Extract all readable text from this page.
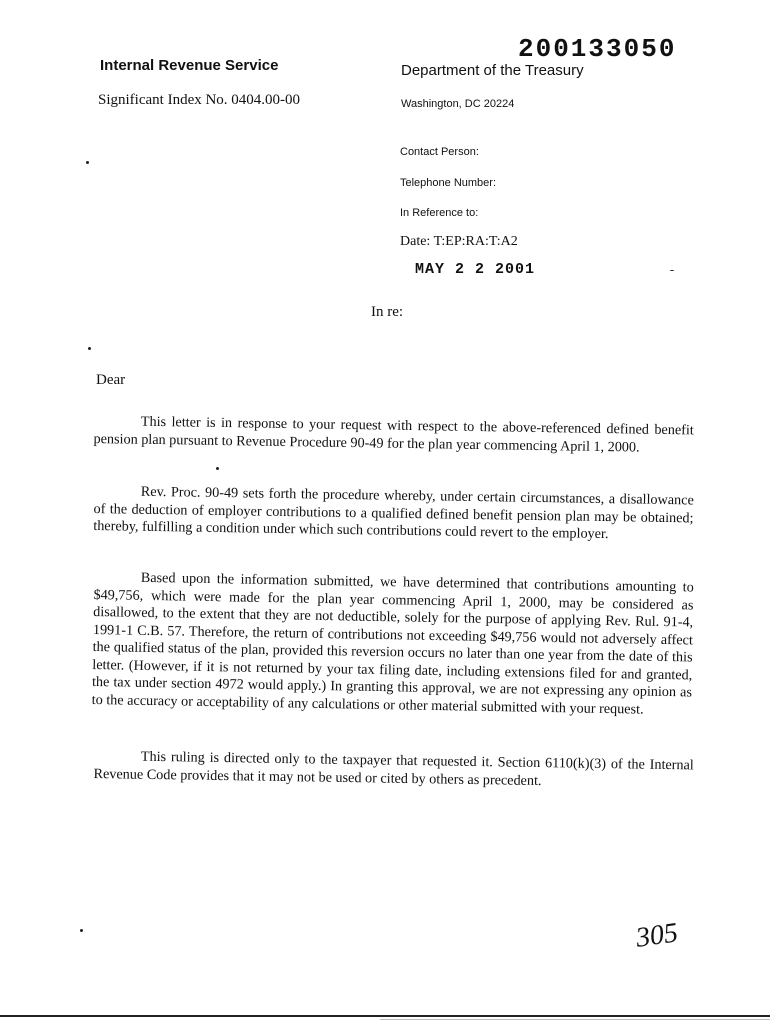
200133050
Internal Revenue Service	Department of the Treasury
Significant Index No. 0404.00-00	Washington, DC 20224
Contact Person:
Telephone Number:
In Reference to:
Date: T:EP:RA:T:A2
MAY 2 2 2001
In re:
Dear
This letter is in response to your request with respect to the above-referenced defined benefit pension plan pursuant to Revenue Procedure 90-49 for the plan year commencing April 1, 2000.
Rev. Proc. 90-49 sets forth the procedure whereby, under certain circumstances, a disallowance of the deduction of employer contributions to a qualified defined benefit pension plan may be obtained; thereby, fulfilling a condition under which such contributions could revert to the employer.
Based upon the information submitted, we have determined that contributions amounting to $49,756, which were made for the plan year commencing April 1, 2000, may be considered as disallowed, to the extent that they are not deductible, solely for the purpose of applying Rev. Rul. 91-4, 1991-1 C.B. 57. Therefore, the return of contributions not exceeding $49,756 would not adversely affect the qualified status of the plan, provided this reversion occurs no later than one year from the date of this letter. (However, if it is not returned by your tax filing date, including extensions filed for and granted, the tax under section 4972 would apply.) In granting this approval, we are not expressing any opinion as to the accuracy or acceptability of any calculations or other material submitted with your request.
This ruling is directed only to the taxpayer that requested it. Section 6110(k)(3) of the Internal Revenue Code provides that it may not be used or cited by others as precedent.
305
